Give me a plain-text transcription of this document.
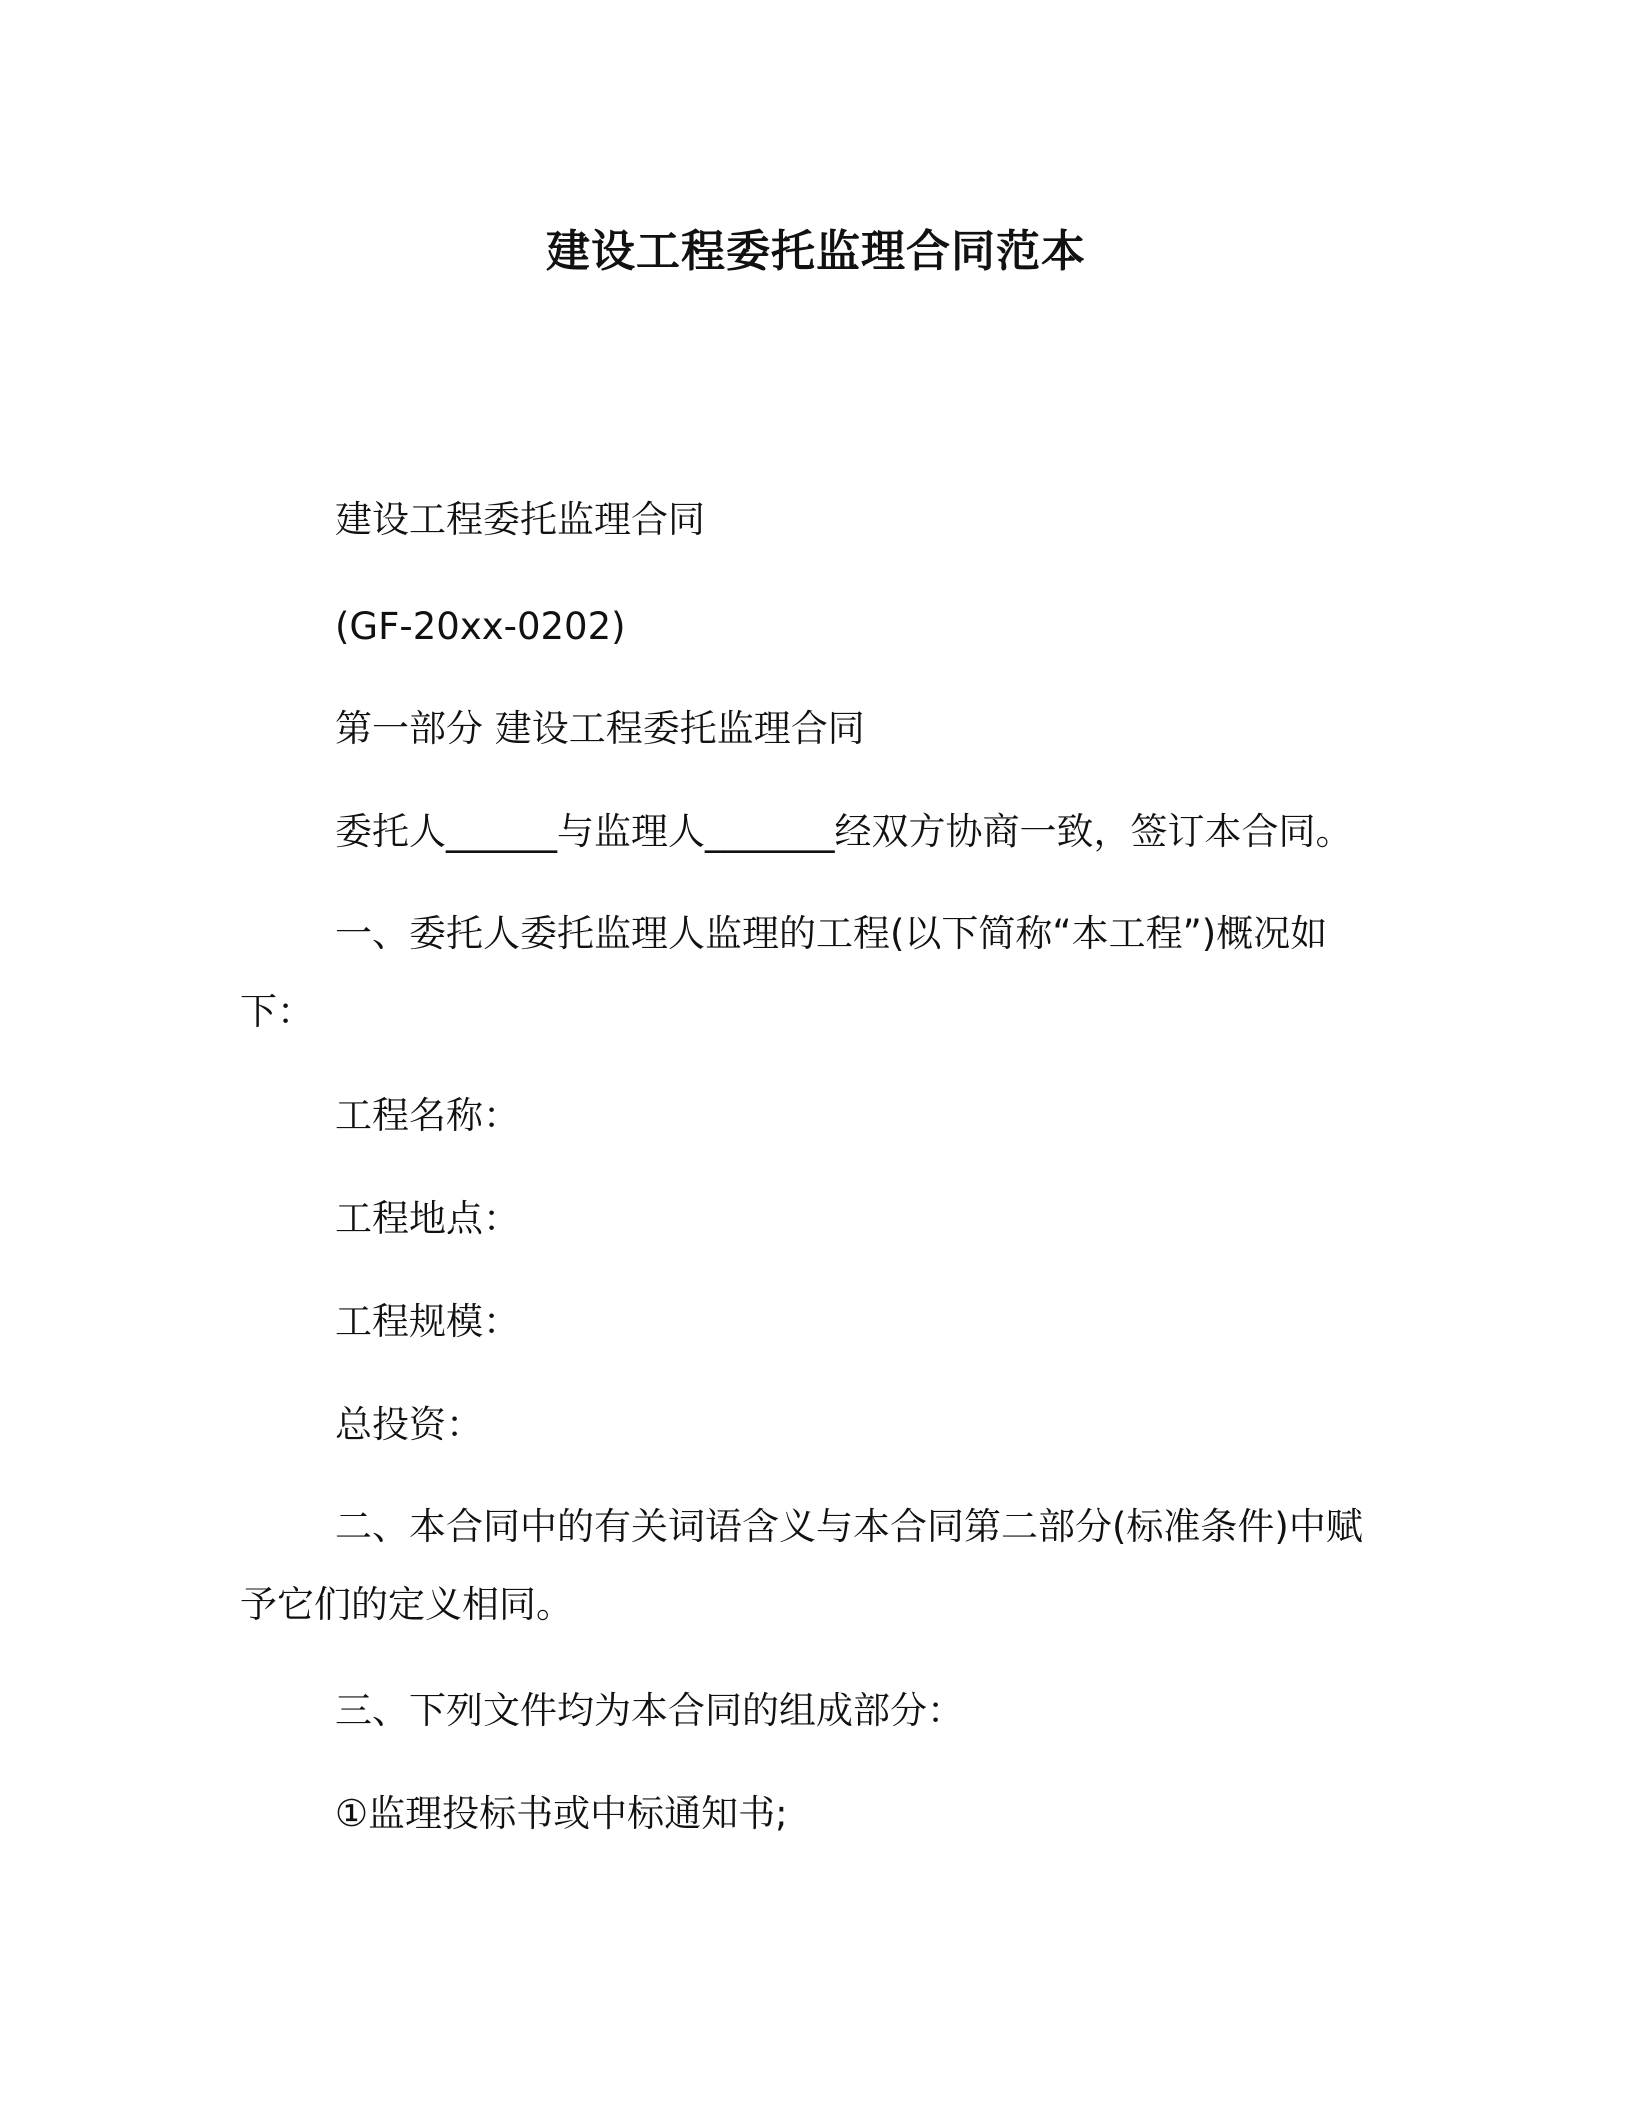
建设工程委托监理合同范本
建设工程委托监理合同
(GF-20xx-0202)
第一部分 建设工程委托监理合同
委托人______与监理人_______经双方协商一致，签订本合同。
一、委托人委托监理人监理的工程(以下简称“本工程”)概况如下：
工程名称：
工程地点：
工程规模：
总投资：
二、本合同中的有关词语含义与本合同第二部分(标准条件)中赋予它们的定义相同。
三、下列文件均为本合同的组成部分：
①监理投标书或中标通知书;
